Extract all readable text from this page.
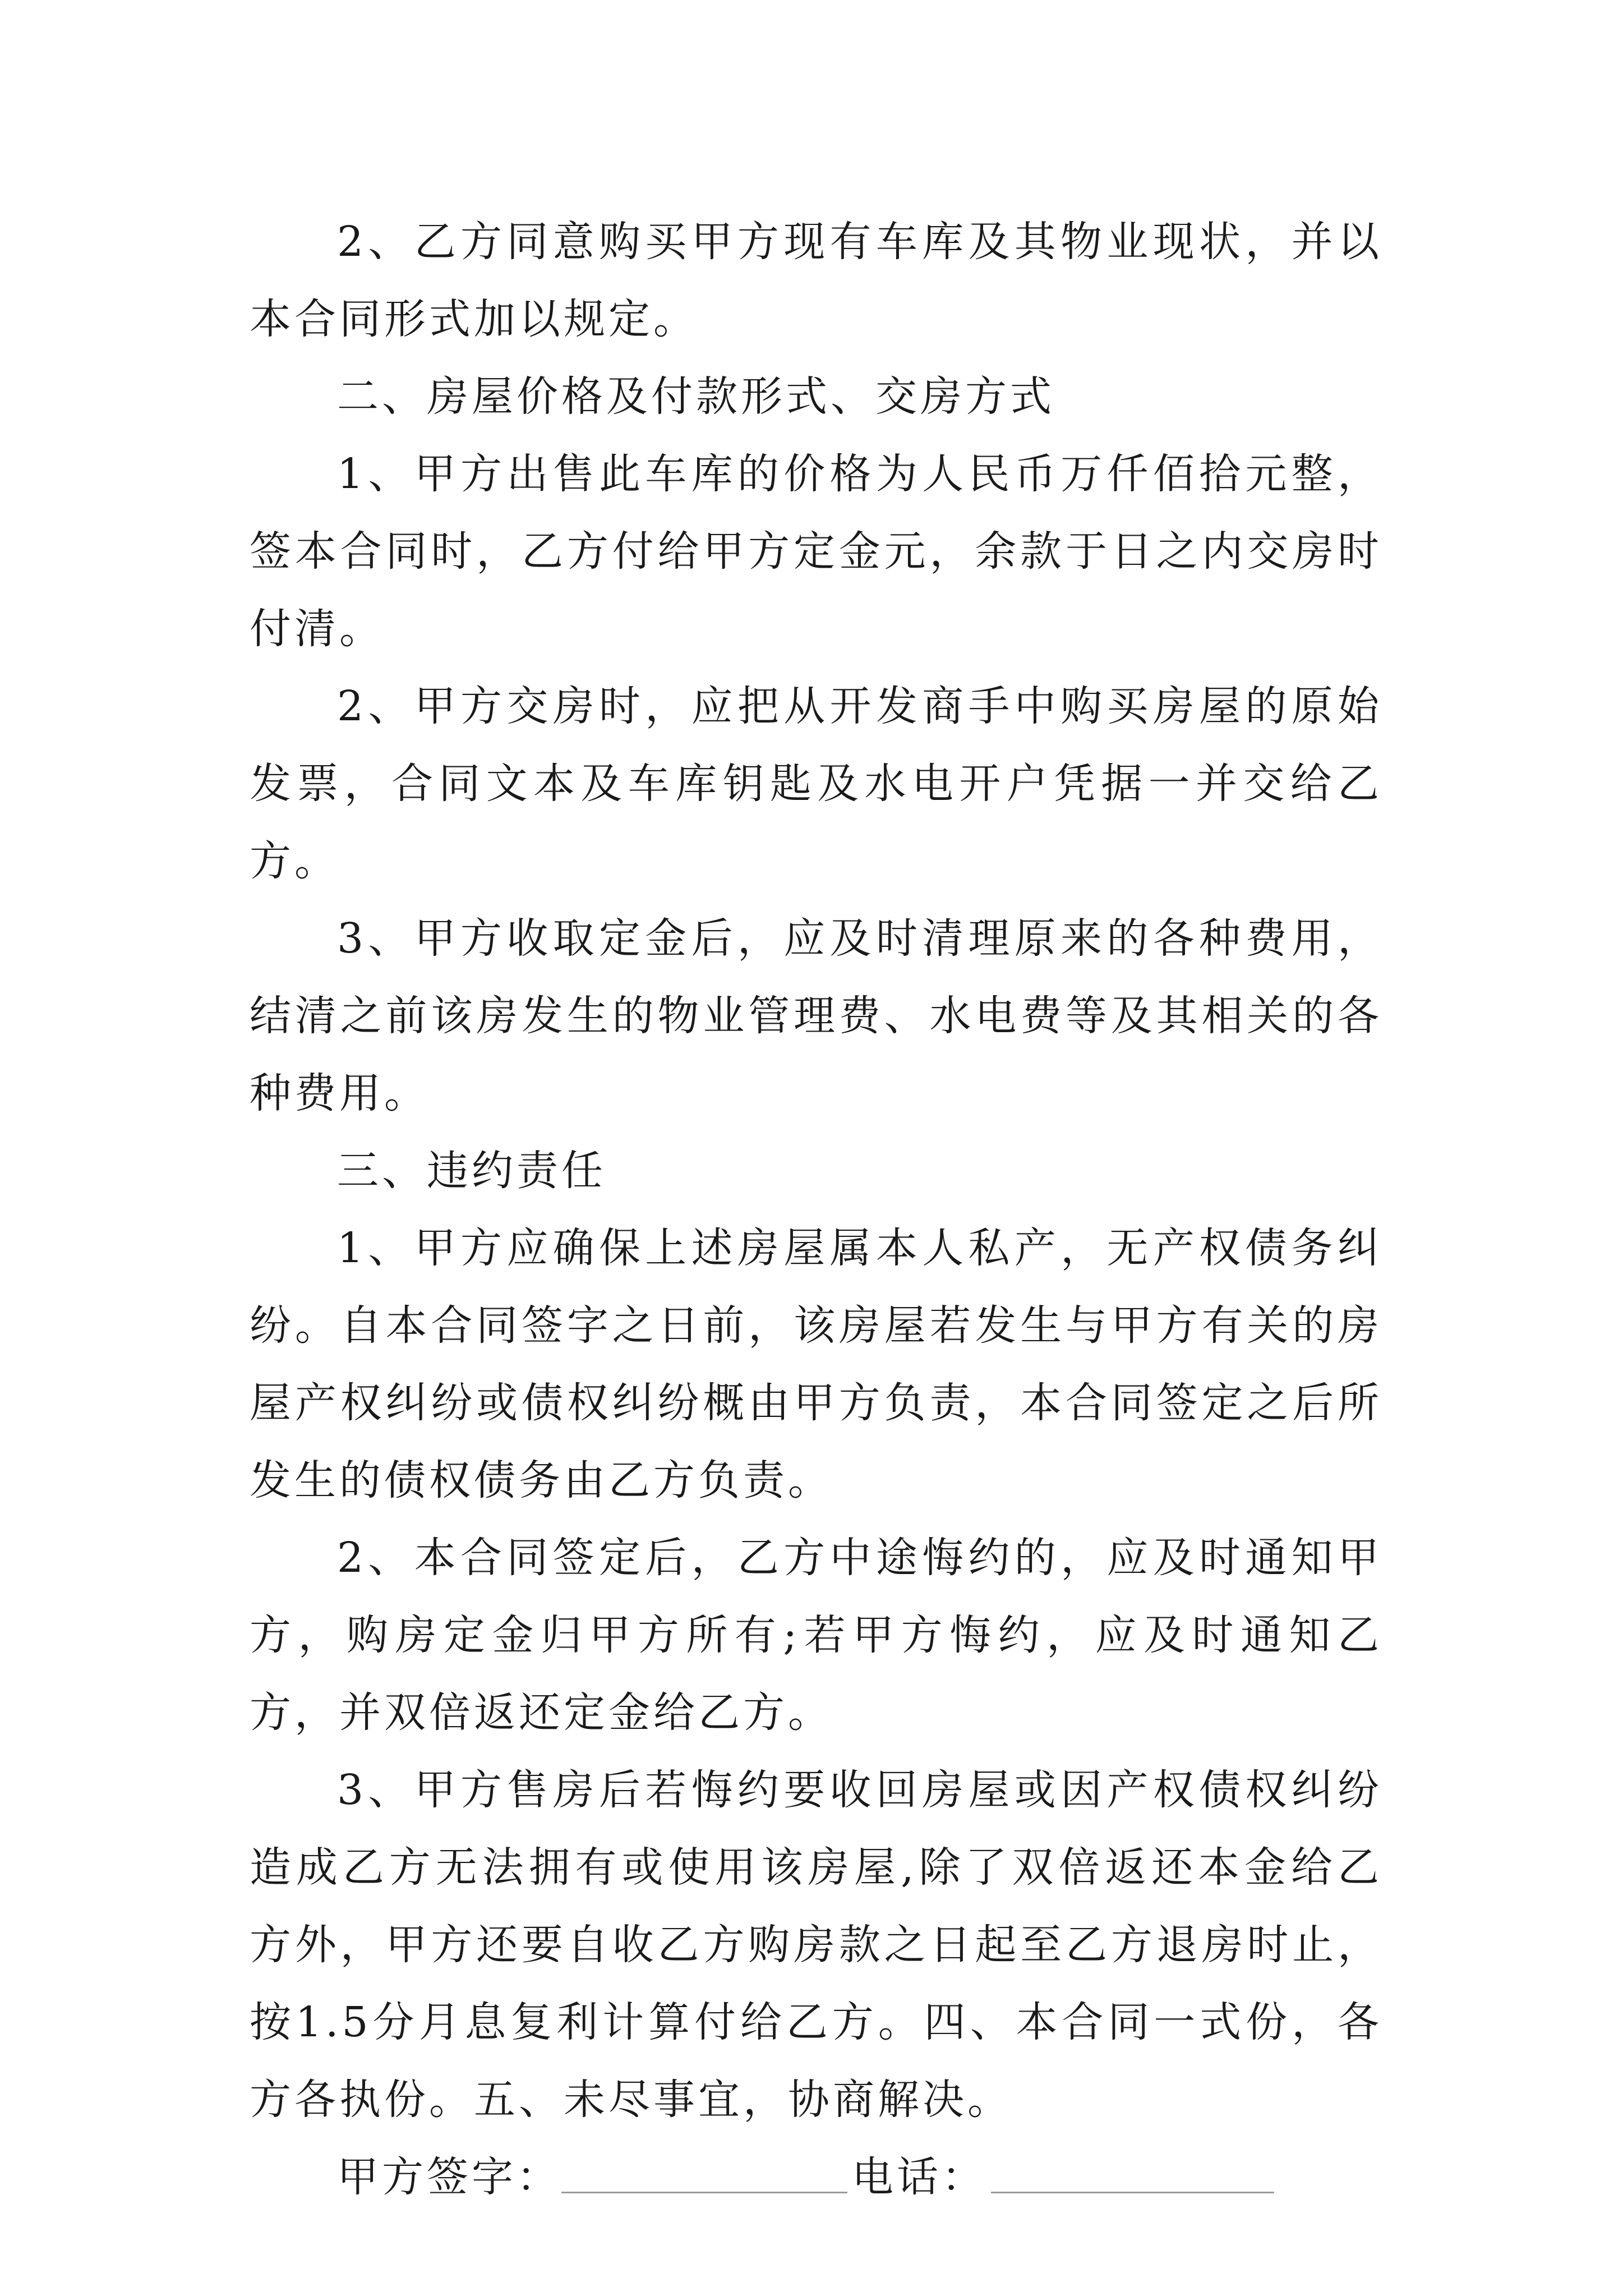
2、乙方同意购买甲方现有车库及其物业现状，并以本合同形式加以规定。

二、房屋价格及付款形式、交房方式

1、甲方出售此车库的价格为人民币万仟佰拾元整，签本合同时，乙方付给甲方定金元，余款于日之内交房时付清。

2、甲方交房时，应把从开发商手中购买房屋的原始发票，合同文本及车库钥匙及水电开户凭据一并交给乙方。

3、甲方收取定金后，应及时清理原来的各种费用，结清之前该房发生的物业管理费、水电费等及其相关的各种费用。

三、违约责任

1、甲方应确保上述房屋属本人私产，无产权债务纠纷。自本合同签字之日前，该房屋若发生与甲方有关的房屋产权纠纷或债权纠纷概由甲方负责，本合同签定之后所发生的债权债务由乙方负责。

2、本合同签定后，乙方中途悔约的，应及时通知甲方，购房定金归甲方所有;若甲方悔约，应及时通知乙方，并双倍返还定金给乙方。

3、甲方售房后若悔约要收回房屋或因产权债权纠纷造成乙方无法拥有或使用该房屋,除了双倍返还本金给乙方外，甲方还要自收乙方购房款之日起至乙方退房时止，按1.5分月息复利计算付给乙方。四、本合同一式份，各方各执份。五、未尽事宜，协商解决。

甲方签字：	电话：
